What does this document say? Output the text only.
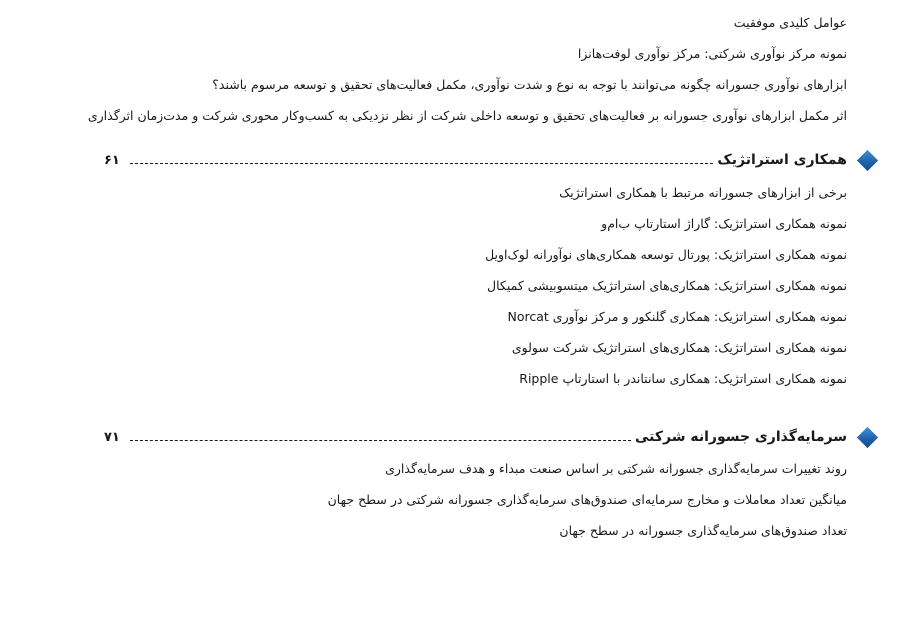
عوامل کلیدی موفقیت
نمونه مرکز نوآوری شرکتی: مرکز نوآوری لوفت‌هانزا
ابزارهای نوآوری جسورانه چگونه می‌توانند با توجه به نوع و شدت نوآوری، مکمل فعالیت‌های تحقیق و توسعه مرسوم باشند؟
اثر مکمل ابزارهای نوآوری جسورانه بر فعالیت‌های تحقیق و توسعه داخلی شرکت از نظر نزدیکی به کسب‌وکار محوری شرکت و مدت‌زمان اثرگذاری
همکاری استراتژیک
۶۱
برخی از ابزارهای جسورانه مرتبط با همکاری استراتژیک
نمونه همکاری استراتژیک: گاراژ استارتاپ ب‌ام‌و
نمونه همکاری استراتژیک: پورتال توسعه همکاری‌های نوآورانه لوک‌اویل
نمونه همکاری استراتژیک: همکاری‌های استراتژیک میتسوبیشی کمیکال
نمونه همکاری استراتژیک: همکاری گلنکور و مرکز نوآوری Norcat
نمونه همکاری استراتژیک: همکاری‌های استراتژیک شرکت سولوی
نمونه همکاری استراتژیک: همکاری سانتاندر با استارتاپ Ripple
سرمایه‌گذاری جسورانه شرکتی
۷۱
روند تغییرات سرمایه‌گذاری جسورانه شرکتی بر اساس صنعت مبداء و هدف سرمایه‌گذاری
میانگین تعداد معاملات و مخارج سرمایه‌ای صندوق‌های سرمایه‌گذاری جسورانه شرکتی در سطح جهان
تعداد صندوق‌های سرمایه‌گذاری جسورانه در سطح جهان
